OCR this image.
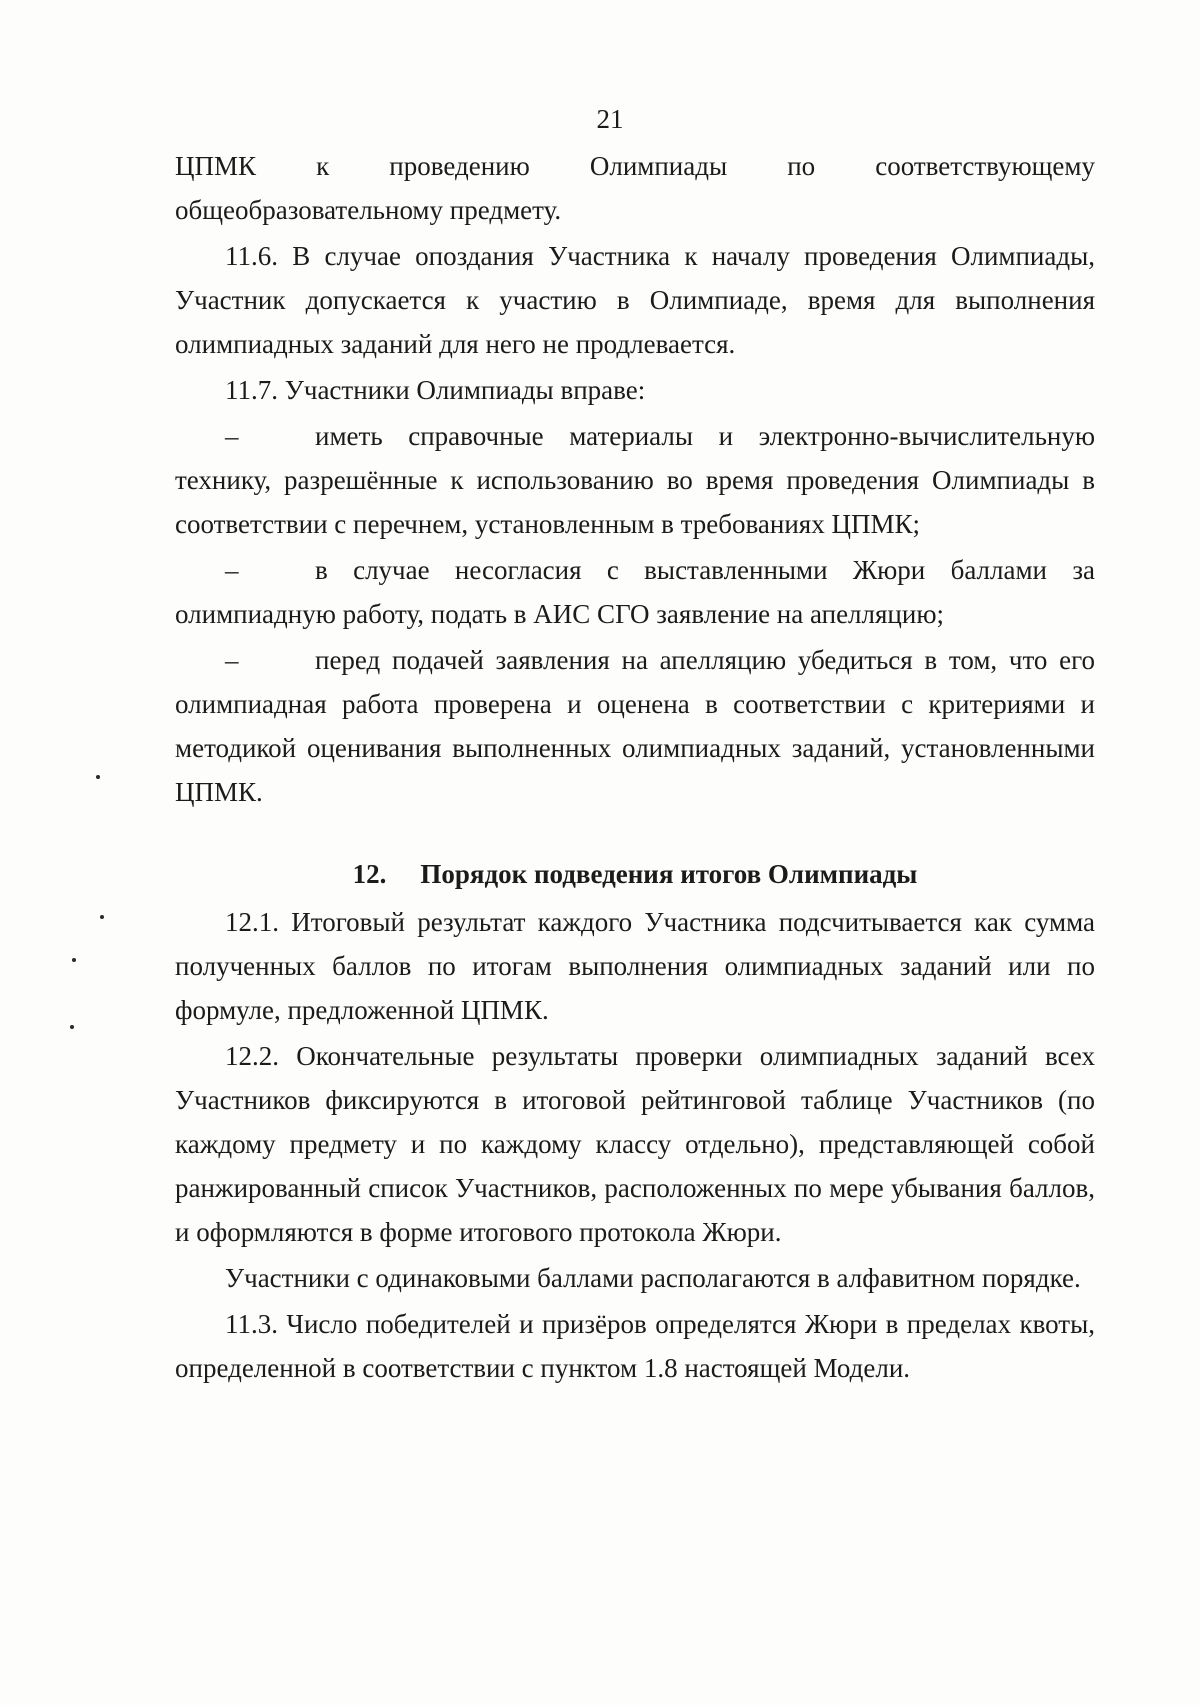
21

ЦПМК к проведению Олимпиады по соответствующему общеобразовательному предмету.

11.6. В случае опоздания Участника к началу проведения Олимпиады, Участник допускается к участию в Олимпиаде, время для выполнения олимпиадных заданий для него не продлевается.

11.7. Участники Олимпиады вправе:

–	иметь справочные материалы и электронно-вычислительную технику, разрешённые к использованию во время проведения Олимпиады в соответствии с перечнем, установленным в требованиях ЦПМК;

–	в случае несогласия с выставленными Жюри баллами за олимпиадную работу, подать в АИС СГО заявление на апелляцию;

–	перед подачей заявления на апелляцию убедиться в том, что его олимпиадная работа проверена и оценена в соответствии с критериями и методикой оценивания выполненных олимпиадных заданий, установленными ЦПМК.

12. Порядок подведения итогов Олимпиады

12.1. Итоговый результат каждого Участника подсчитывается как сумма полученных баллов по итогам выполнения олимпиадных заданий или по формуле, предложенной ЦПМК.

12.2. Окончательные результаты проверки олимпиадных заданий всех Участников фиксируются в итоговой рейтинговой таблице Участников (по каждому предмету и по каждому классу отдельно), представляющей собой ранжированный список Участников, расположенных по мере убывания баллов, и оформляются в форме итогового протокола Жюри.

Участники с одинаковыми баллами располагаются в алфавитном порядке.

11.3. Число победителей и призёров определятся Жюри в пределах квоты, определенной в соответствии с пунктом 1.8 настоящей Модели.
